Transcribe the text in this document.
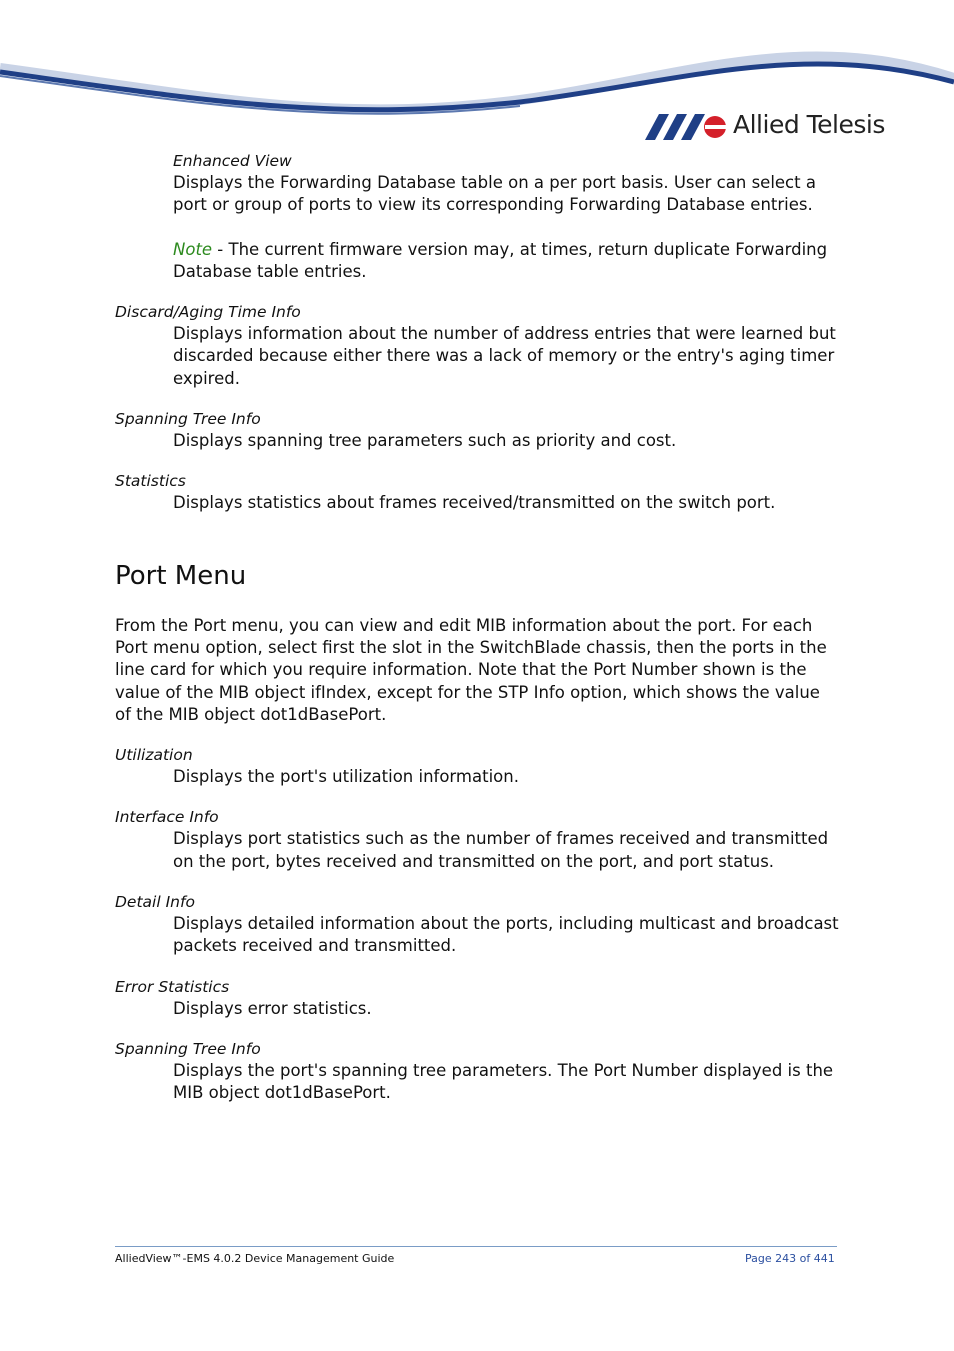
Allied Telesis
Enhanced View
Displays the Forwarding Database table on a per port basis. User can select a port or group of ports to view its corresponding Forwarding Database entries.
Note - The current firmware version may, at times, return duplicate Forwarding Database table entries.
Discard/Aging Time Info
Displays information about the number of address entries that were learned but discarded because either there was a lack of memory or the entry's aging timer expired.
Spanning Tree Info
Displays spanning tree parameters such as priority and cost.
Statistics
Displays statistics about frames received/transmitted on the switch port.
Port Menu
From the Port menu, you can view and edit MIB information about the port. For each Port menu option, select first the slot in the SwitchBlade chassis, then the ports in the line card for which you require information. Note that the Port Number shown is the value of the MIB object ifIndex, except for the STP Info option, which shows the value of the MIB object dot1dBasePort.
Utilization
Displays the port's utilization information.
Interface Info
Displays port statistics such as the number of frames received and transmitted on the port, bytes received and transmitted on the port, and port status.
Detail Info
Displays detailed information about the ports, including multicast and broadcast packets received and transmitted.
Error Statistics
Displays error statistics.
Spanning Tree Info
Displays the port's spanning tree parameters. The Port Number displayed is the MIB object dot1dBasePort.
AlliedView™-EMS 4.0.2 Device Management Guide	Page 243 of 441
